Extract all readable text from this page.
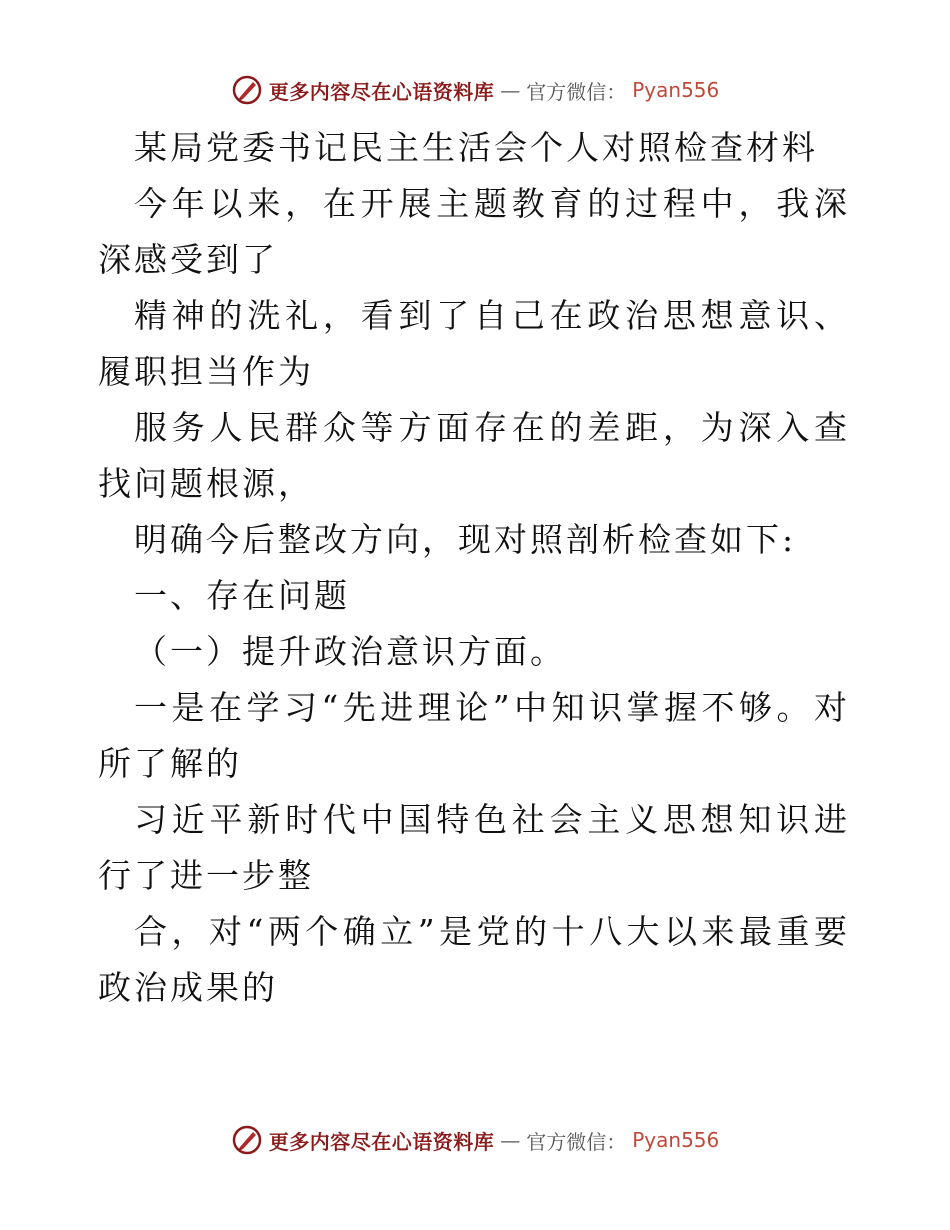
更多内容尽在心语资料库 — 官方微信： Pyan556

某局党委书记民主生活会个人对照检查材料

今年以来，在开展主题教育的过程中，我深深感受到了

精神的洗礼，看到了自己在政治思想意识、履职担当作为

服务人民群众等方面存在的差距，为深入查找问题根源，

明确今后整改方向，现对照剖析检查如下:

一、存在问题

（一）提升政治意识方面。

一是在学习“先进理论”中知识掌握不够。对所了解的

习近平新时代中国特色社会主义思想知识进行了进一步整

合，对“两个确立”是党的十八大以来最重要政治成果的

更多内容尽在心语资料库 — 官方微信： Pyan556
